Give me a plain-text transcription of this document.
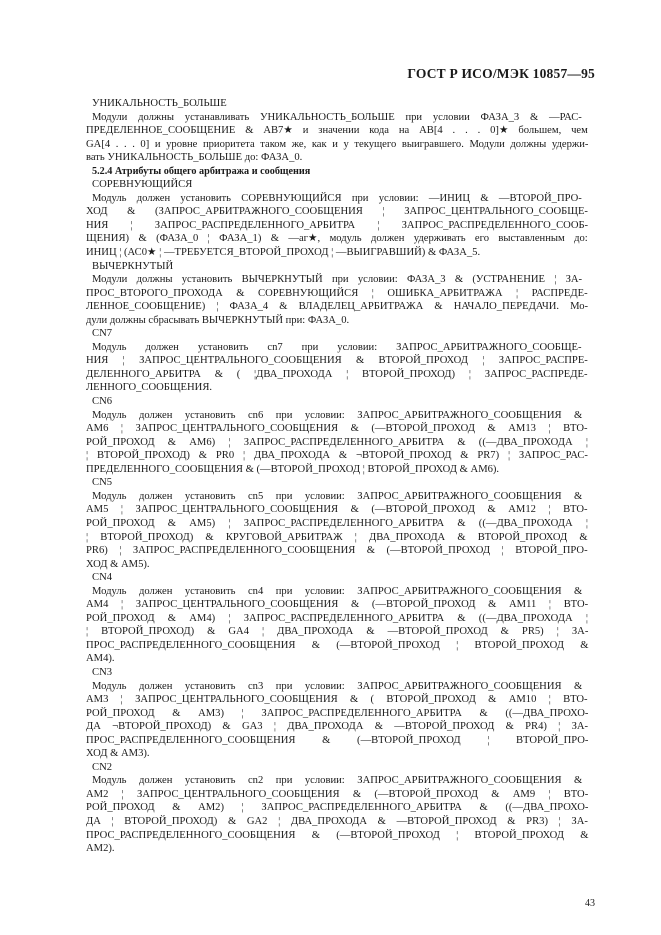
ГОСТ Р ИСО/МЭК 10857—95
УНИКАЛЬНОСТЬ_БОЛЬШЕ
Модули должны устанавливать УНИКАЛЬНОСТЬ_БОЛЬШЕ при условии ФАЗА_3 & —РАС-
ПРЕДЕЛЕННОЕ_СООБЩЕНИЕ & AB7★ и значении кода на AB[4 . . . 0]★ большем, чем
GA[4 . . . 0] и уровне приоритета таком же, как и у текущего выигравшего. Модули должны удержи-
вать УНИКАЛЬНОСТЬ_БОЛЬШЕ до: ФАЗА_0.
5.2.4 Атрибуты общего арбитража и сообщения
СОРЕВНУЮЩИЙСЯ
Модуль должен установить СОРЕВНУЮЩИЙСЯ при условии: —ИНИЦ & —ВТОРОЙ_ПРО-
ХОД & (ЗАПРОС_АРБИТРАЖНОГО_СООБЩЕНИЯ ¦ ЗАПРОС_ЦЕНТРАЛЬНОГО_СООБЩЕ-
НИЯ ¦ ЗАПРОС_РАСПРЕДЕЛЕННОГО_АРБИТРА ¦ ЗАПРОС_РАСПРЕДЕЛЕННОГО_СООБ-
ЩЕНИЯ) & (ФАЗА_0 ¦ ФАЗА_1) & —аг★, модуль должен удерживать его выставленным до:
ИНИЦ ¦ (АС0★ ¦ —ТРЕБУЕТСЯ_ВТОРОЙ_ПРОХОД ¦ —ВЫИГРАВШИЙ) & ФАЗА_5.
ВЫЧЕРКНУТЫЙ
Модули должны установить ВЫЧЕРКНУТЫЙ при условии: ФАЗА_3 & (УСТРАНЕНИЕ ¦ ЗА-
ПРОС_ВТОРОГО_ПРОХОДА & СОРЕВНУЮЩИЙСЯ ¦ ОШИБКА_АРБИТРАЖА ¦ РАСПРЕДЕ-
ЛЕННОЕ_СООБЩЕНИЕ) ¦ ФАЗА_4 & ВЛАДЕЛЕЦ_АРБИТРАЖА & НАЧАЛО_ПЕРЕДАЧИ. Мо-
дули должны сбрасывать ВЫЧЕРКНУТЫЙ при: ФАЗА_0.
CN7
Модуль должен установить cn7 при условии: ЗАПРОС_АРБИТРАЖНОГО_СООБЩЕ-
НИЯ ¦ ЗАПРОС_ЦЕНТРАЛЬНОГО_СООБЩЕНИЯ & ВТОРОЙ_ПРОХОД ¦ ЗАПРОС_РАСПРЕ-
ДЕЛЕННОГО_АРБИТРА & ( ¦ДВА_ПРОХОДА ¦ ВТОРОЙ_ПРОХОД) ¦ ЗАПРОС_РАСПРЕДЕ-
ЛЕННОГО_СООБЩЕНИЯ.
CN6
Модуль должен установить cn6 при условии: ЗАПРОС_АРБИТРАЖНОГО_СООБЩЕНИЯ &
AM6 ¦ ЗАПРОС_ЦЕНТРАЛЬНОГО_СООБЩЕНИЯ & (—ВТОРОЙ_ПРОХОД & AM13 ¦ ВТО-
РОЙ_ПРОХОД & AM6) ¦ ЗАПРОС_РАСПРЕДЕЛЕННОГО_АРБИТРА & ((—ДВА_ПРОХОДА ¦
¦ ВТОРОЙ_ПРОХОД) & PR0 ¦ ДВА_ПРОХОДА & ¬ВТОРОЙ_ПРОХОД & PR7) ¦ ЗАПРОС_РАС-
ПРЕДЕЛЕННОГО_СООБЩЕНИЯ & (—ВТОРОЙ_ПРОХОД ¦ ВТОРОЙ_ПРОХОД & AM6).
CN5
Модуль должен установить cn5 при условии: ЗАПРОС_АРБИТРАЖНОГО_СООБЩЕНИЯ &
AM5 ¦ ЗАПРОС_ЦЕНТРАЛЬНОГО_СООБЩЕНИЯ & (—ВТОРОЙ_ПРОХОД & AM12 ¦ ВТО-
РОЙ_ПРОХОД & AM5) ¦ ЗАПРОС_РАСПРЕДЕЛЕННОГО_АРБИТРА & ((—ДВА_ПРОХОДА ¦
¦ ВТОРОЙ_ПРОХОД) & КРУГОВОЙ_АРБИТРАЖ ¦ ДВА_ПРОХОДА & ВТОРОЙ_ПРОХОД &
PR6) ¦ ЗАПРОС_РАСПРЕДЕЛЕННОГО_СООБЩЕНИЯ & (—ВТОРОЙ_ПРОХОД ¦ ВТОРОЙ_ПРО-
ХОД & AM5).
CN4
Модуль должен установить cn4 при условии: ЗАПРОС_АРБИТРАЖНОГО_СООБЩЕНИЯ &
AM4 ¦ ЗАПРОС_ЦЕНТРАЛЬНОГО_СООБЩЕНИЯ & (—ВТОРОЙ_ПРОХОД & AM11 ¦ ВТО-
РОЙ_ПРОХОД & AM4) ¦ ЗАПРОС_РАСПРЕДЕЛЕННОГО_АРБИТРА & ((—ДВА_ПРОХОДА ¦
¦ ВТОРОЙ_ПРОХОД) & GA4 ¦ ДВА_ПРОХОДА & —ВТОРОЙ_ПРОХОД & PR5) ¦ ЗА-
ПРОС_РАСПРЕДЕЛЕННОГО_СООБЩЕНИЯ & (—ВТОРОЙ_ПРОХОД ¦ ВТОРОЙ_ПРОХОД &
AM4).
CN3
Модуль должен установить cn3 при условии: ЗАПРОС_АРБИТРАЖНОГО_СООБЩЕНИЯ &
AM3 ¦ ЗАПРОС_ЦЕНТРАЛЬНОГО_СООБЩЕНИЯ & ( ВТОРОЙ_ПРОХОД & AM10 ¦ ВТО-
РОЙ_ПРОХОД & AM3) ¦ ЗАПРОС_РАСПРЕДЕЛЕННОГО_АРБИТРА & ((—ДВА_ПРОХО-
ДА ¬ВТОРОЙ_ПРОХОД) & GA3 ¦ ДВА_ПРОХОДА & —ВТОРОЙ_ПРОХОД & PR4) ¦ ЗА-
ПРОС_РАСПРЕДЕЛЕННОГО_СООБЩЕНИЯ & (—ВТОРОЙ_ПРОХОД ¦ ВТОРОЙ_ПРО-
ХОД & AM3).
CN2
Модуль должен установить cn2 при условии: ЗАПРОС_АРБИТРАЖНОГО_СООБЩЕНИЯ &
AM2 ¦ ЗАПРОС_ЦЕНТРАЛЬНОГО_СООБЩЕНИЯ & (—ВТОРОЙ_ПРОХОД & AM9 ¦ ВТО-
РОЙ_ПРОХОД & AM2) ¦ ЗАПРОС_РАСПРЕДЕЛЕННОГО_АРБИТРА & ((—ДВА_ПРОХО-
ДА ¦ ВТОРОЙ_ПРОХОД) & GA2 ¦ ДВА_ПРОХОДА & —ВТОРОЙ_ПРОХОД & PR3) ¦ ЗА-
ПРОС_РАСПРЕДЕЛЕННОГО_СООБЩЕНИЯ & (—ВТОРОЙ_ПРОХОД ¦ ВТОРОЙ_ПРОХОД &
AM2).
43
